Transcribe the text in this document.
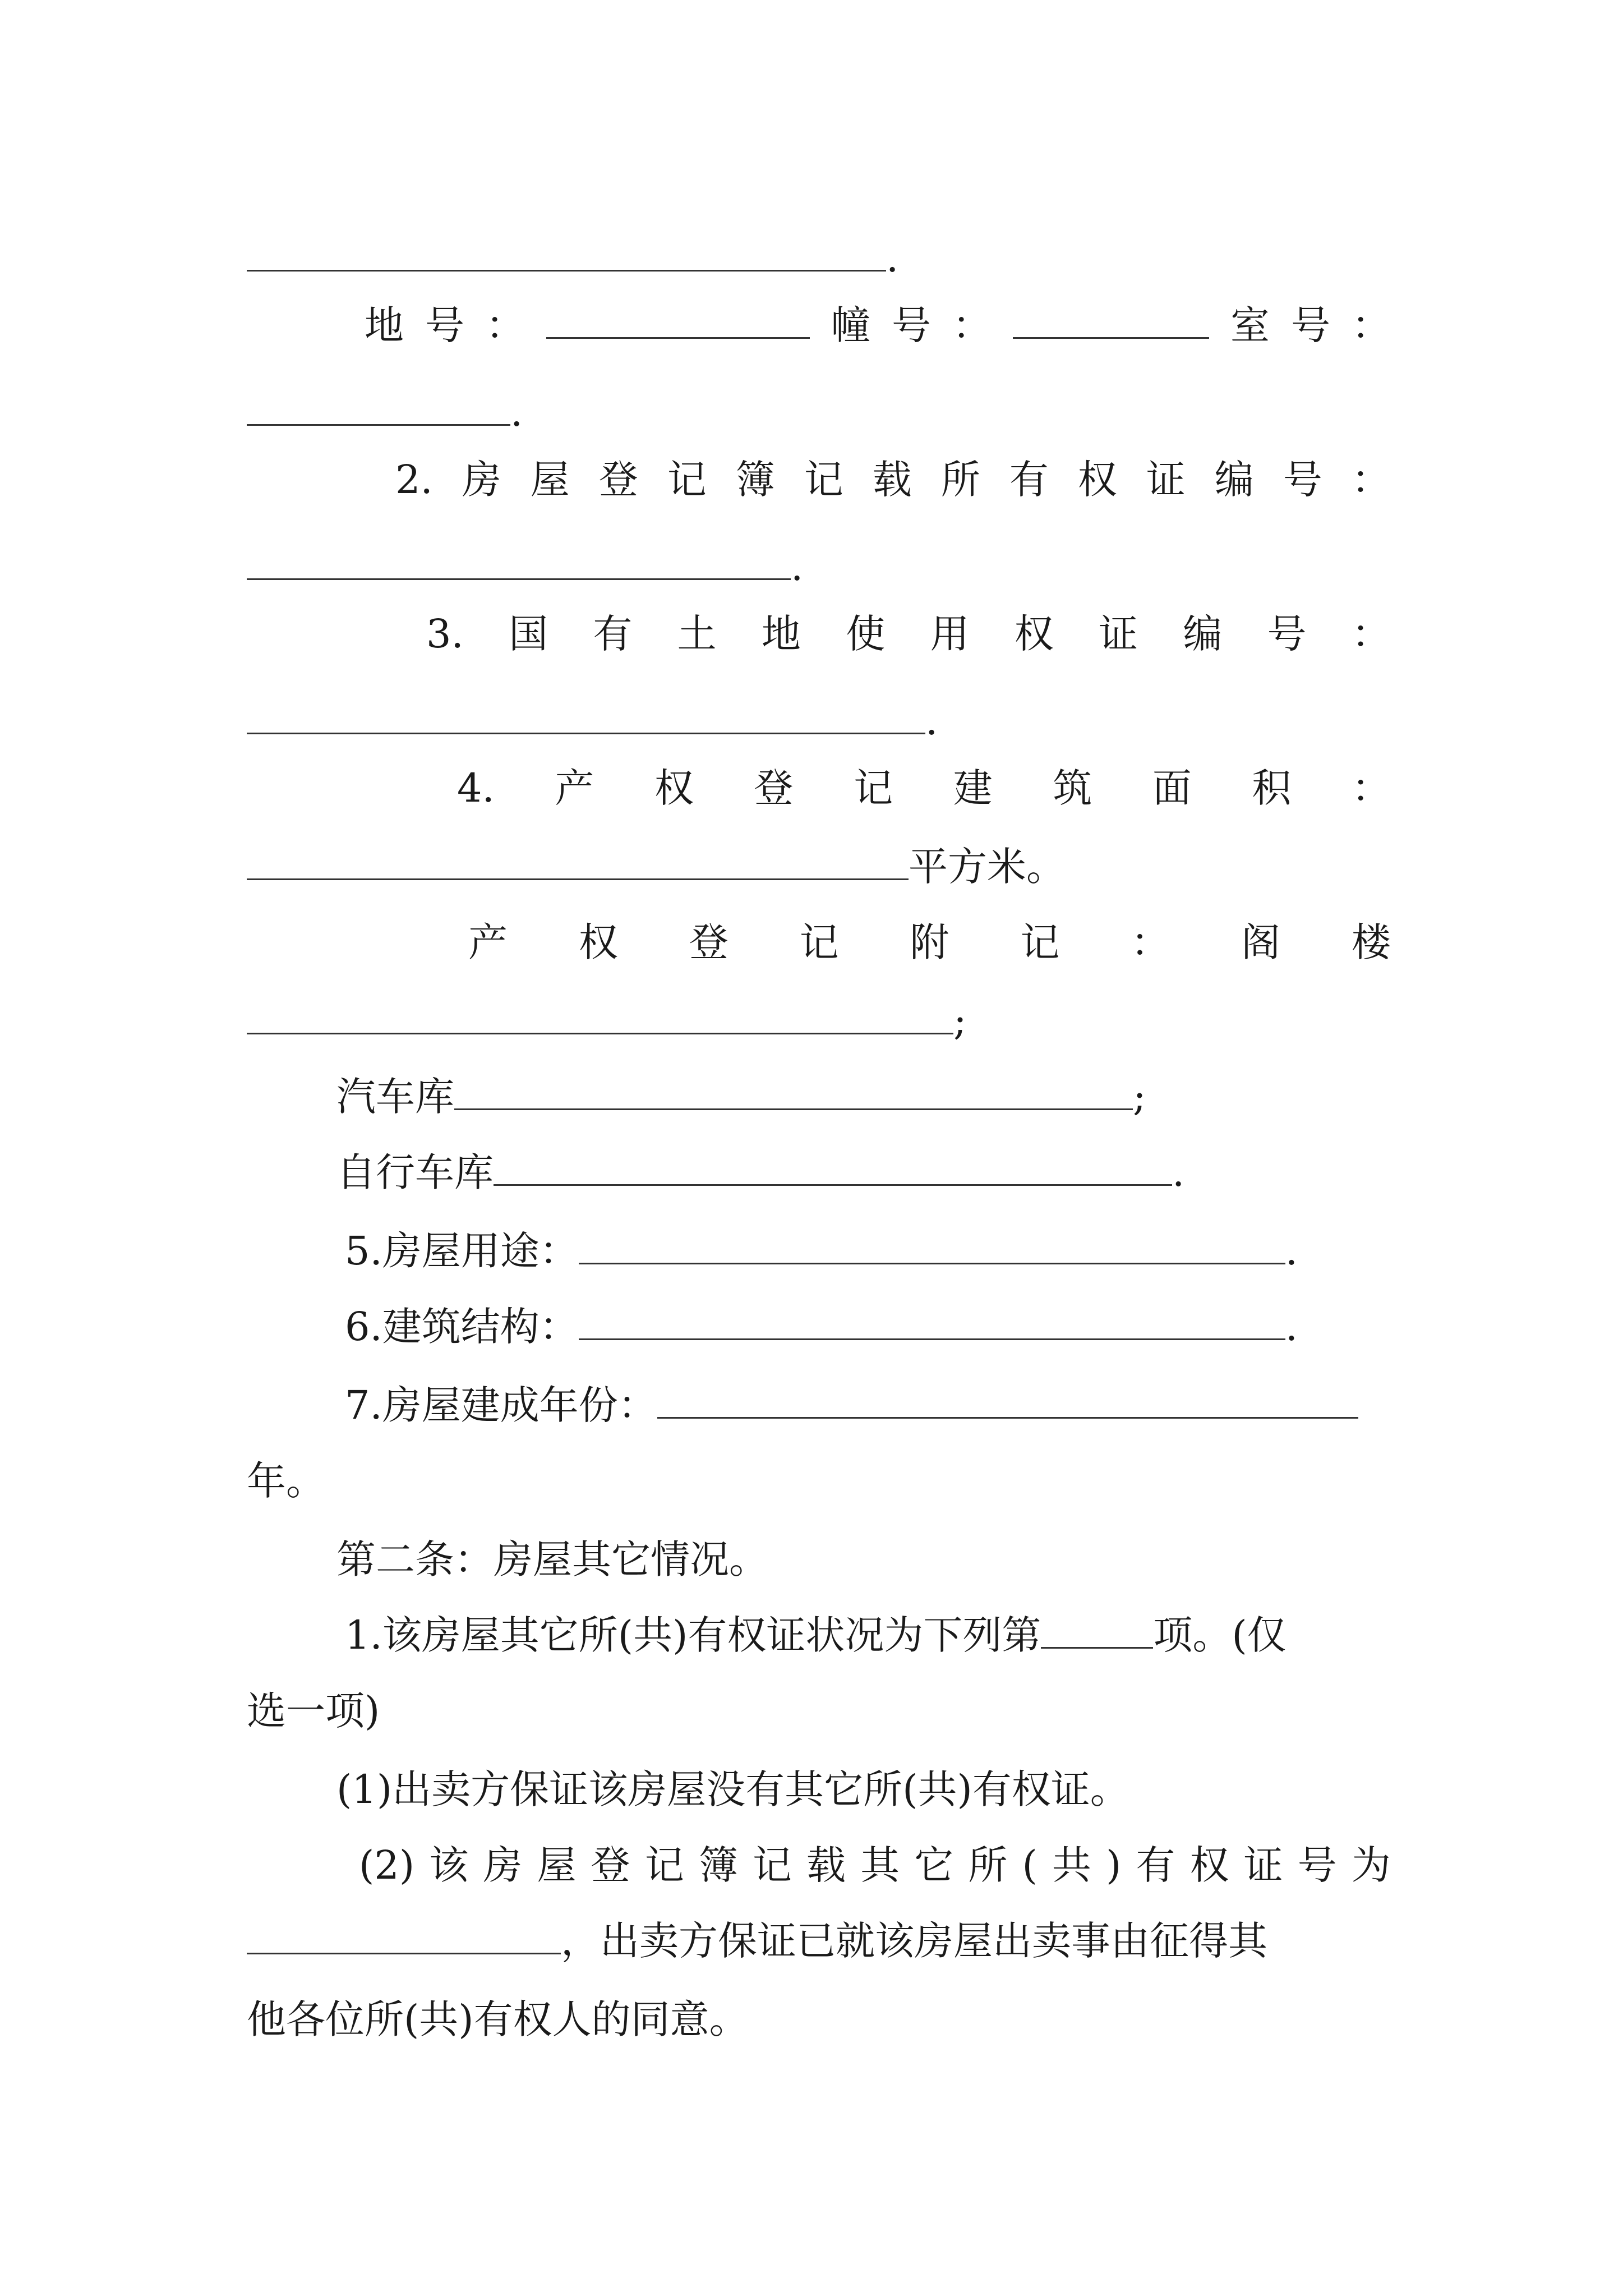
.
地 号 ：	幢 号 ：	室 号 ：
.
2. 房 屋 登 记 簿 记 载 所 有 权 证 编 号 ：
.
3. 国 有 土 地 使 用 权 证 编 号 ：
.
4. 产 权 登 记 建 筑 面 积 ：
平方米。
产 权 登 记 附 记 ： 阁 楼
;
汽车库	;
自行车库	.
5.房屋用途：	.
6.建筑结构：	.
7.房屋建成年份：
年。
第二条：房屋其它情况。
1.该房屋其它所(共)有权证状况为下列第	项。(仅
选一项)
(1)出卖方保证该房屋没有其它所(共)有权证。
(2) 该 房 屋 登 记 簿 记 载 其 它 所 ( 共 ) 有 权 证 号 为
，出卖方保证已就该房屋出卖事由征得其
他各位所(共)有权人的同意。
